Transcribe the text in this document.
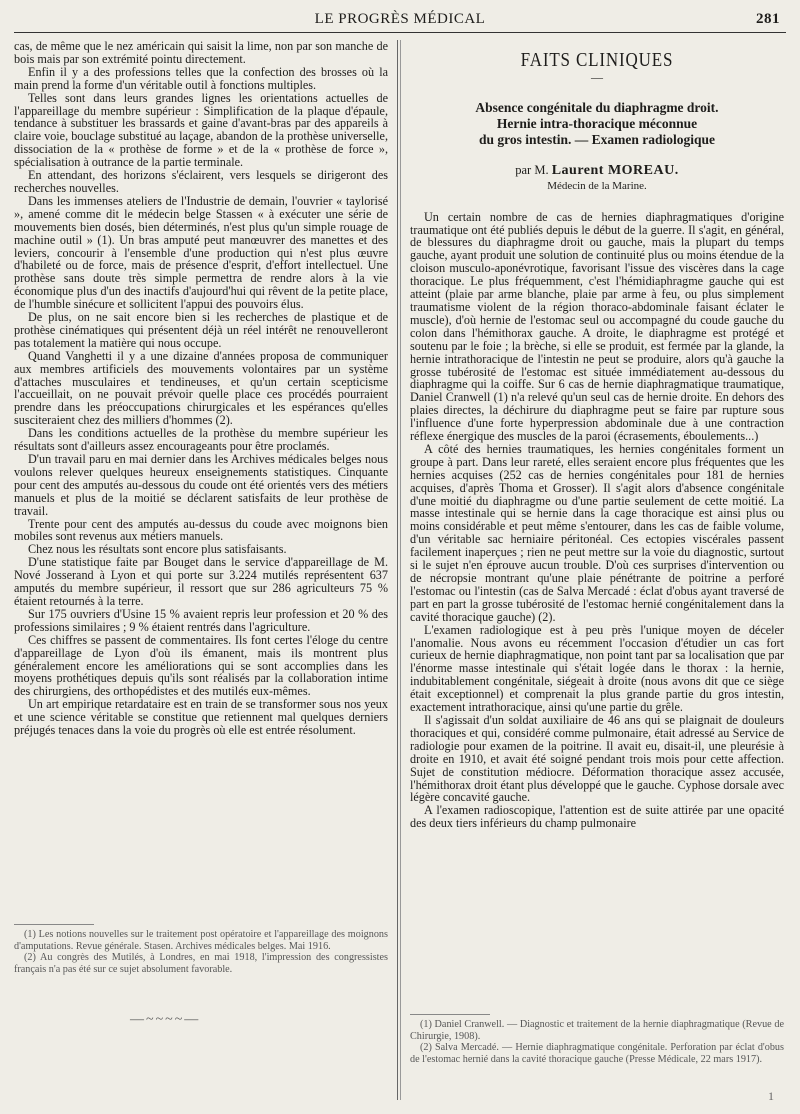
LE PROGRÈS MÉDICAL	281

cas, de même que le nez américain qui saisit la lime, non par son manche de bois mais par son extrémité pointu directement.

Enfin il y a des professions telles que la confection des brosses où la main prend la forme d'un véritable outil à fonctions multiples.

Telles sont dans leurs grandes lignes les orientations actuelles de l'appareillage du membre supérieur : Simplification de la plaque d'épaule, tendance à substituer les brassards et gaine d'avant-bras par des appareils à claire voie, bouclage substitué au laçage, abandon de la prothèse universelle, dissociation de la « prothèse de forme » et de la « prothèse de force », spécialisation à outrance de la partie terminale.

En attendant, des horizons s'éclairent, vers lesquels se dirigeront des recherches nouvelles.

Dans les immenses ateliers de l'Industrie de demain, l'ouvrier « taylorisé », amené comme dit le médecin belge Stassen « à exécuter une série de mouvements bien dosés, bien déterminés, n'est plus qu'un simple rouage de machine outil » (1). Un bras amputé peut manœuvrer des manettes et des leviers, concourir à l'ensemble d'une production qui n'est plus œuvre d'habileté ou de force, mais de présence d'esprit, d'effort intellectuel. Une prothèse sans doute très simple permettra de rendre alors à la vie économique plus d'un des inactifs d'aujourd'hui qui rêvent de la petite place, de l'humble sinécure et sollicitent l'appui des pouvoirs élus.

De plus, on ne sait encore bien si les recherches de plastique et de prothèse cinématiques qui présentent déjà un réel intérêt ne renouvelleront pas totalement la matière qui nous occupe.

Quand Vanghetti il y a une dizaine d'années proposa de communiquer aux membres artificiels des mouvements volontaires par un système d'attaches musculaires et tendineuses, et qu'un certain scepticisme l'accueillait, on ne pouvait prévoir quelle place ces procédés pourraient prendre dans les préoccupations chirurgicales et les espérances qu'elles susciteraient chez des milliers d'hommes (2).

Dans les conditions actuelles de la prothèse du membre supérieur les résultats sont d'ailleurs assez encourageants pour être proclamés.

D'un travail paru en mai dernier dans les Archives médicales belges nous voulons relever quelques heureux enseignements statistiques. Cinquante pour cent des amputés au-dessous du coude ont été orientés vers des métiers manuels et plus de la moitié se déclarent satisfaits de leur prothèse de travail.

Trente pour cent des amputés au-dessus du coude avec moignons bien mobiles sont revenus aux métiers manuels.

Chez nous les résultats sont encore plus satisfaisants.

D'une statistique faite par Bouget dans le service d'appareillage de M. Nové Josserand à Lyon et qui porte sur 3.224 mutilés représentent 637 amputés du membre supérieur, il ressort que sur 286 agriculteurs 75 % étaient retournés à la terre.

Sur 175 ouvriers d'Usine 15 % avaient repris leur profession et 20 % des professions similaires ; 9 % étaient rentrés dans l'agriculture.

Ces chiffres se passent de commentaires. Ils font certes l'éloge du centre d'appareillage de Lyon d'où ils émanent, mais ils montrent plus généralement encore les améliorations qui se sont accomplies dans les moyens prothétiques depuis qu'ils sont réalisés par la collaboration intime des chirurgiens, des orthopédistes et des mutilés eux-mêmes.

Un art empirique retardataire est en train de se transformer sous nos yeux et une science véritable se constitue que retiennent mal quelques derniers préjugés tenaces dans la voie du progrès où elle est entrée résolument.

(1) Les notions nouvelles sur le traitement post opératoire et l'appareillage des moignons d'amputations. Revue générale. Stasen. Archives médicales belges. Mai 1916.

(2) Au congrès des Mutilés, à Londres, en mai 1918, l'impression des congressistes français n'a pas été sur ce sujet absolument favorable.

—~~~~—
FAITS CLINIQUES
—
Absence congénitale du diaphragme droit.
Hernie intra-thoracique méconnue
du gros intestin. — Examen radiologique
par M. Laurent MOREAU.
Médecin de la Marine.

Un certain nombre de cas de hernies diaphragmatiques d'origine traumatique ont été publiés depuis le début de la guerre. Il s'agit, en général, de blessures du diaphragme droit ou gauche, mais la plupart du temps gauche, ayant produit une solution de continuité plus ou moins étendue de la cloison musculo-aponévrotique, favorisant l'issue des viscères dans la cage thoracique. Le plus fréquemment, c'est l'hémidiaphragme gauche qui est atteint (plaie par arme blanche, plaie par arme à feu, ou plus simplement traumatisme violent de la région thoraco-abdominale faisant éclater le muscle), d'où hernie de l'estomac seul ou accompagné du coude gauche du colon dans l'hémithorax gauche. A droite, le diaphragme est protégé et soutenu par le foie ; la brèche, si elle se produit, est fermée par la glande, la hernie intrathoracique de l'intestin ne peut se produire, alors qu'à gauche la grosse tubérosité de l'estomac est située immédiatement au-dessous du diaphragme qui la coiffe. Sur 6 cas de hernie diaphragmatique traumatique, Daniel Cranwell (1) n'a relevé qu'un seul cas de hernie droite. En dehors des plaies directes, la déchirure du diaphragme peut se faire par rupture sous l'influence d'une forte hyperpression abdominale due à une contraction réflexe énergique des muscles de la paroi (écrasements, éboulements...)

A côté des hernies traumatiques, les hernies congénitales forment un groupe à part. Dans leur rareté, elles seraient encore plus fréquentes que les hernies acquises (252 cas de hernies congénitales pour 181 de hernies acquises, d'après Thoma et Grosser). Il s'agit alors d'absence congénitale d'une moitié du diaphragme ou d'une partie seulement de cette moitié. La masse intestinale qui se hernie dans la cage thoracique est ainsi plus ou moins considérable et peut même s'entourer, dans les cas de faible volume, d'un véritable sac herniaire péritonéal. Ces ectopies viscérales passent facilement inaperçues ; rien ne peut mettre sur la voie du diagnostic, surtout si le sujet n'en éprouve aucun trouble. D'où ces surprises d'intervention ou de nécropsie montrant qu'une plaie pénétrante de poitrine a perforé l'estomac ou l'intestin (cas de Salva Mercadé : éclat d'obus ayant traversé de part en part la grosse tubérosité de l'estomac hernié congénitalement dans la cavité thoracique gauche) (2).

L'examen radiologique est à peu près l'unique moyen de déceler l'anomalie. Nous avons eu récemment l'occasion d'étudier un cas fort curieux de hernie diaphragmatique, non point tant par sa localisation que par l'énorme masse intestinale qui s'était logée dans le thorax : la hernie, indubitablement congénitale, siégeait à droite (nous avons dit que ce siège était exceptionnel) et comprenait la plus grande partie du gros intestin, exactement intrathoracique, ainsi qu'une partie du grêle.

Il s'agissait d'un soldat auxiliaire de 46 ans qui se plaignait de douleurs thoraciques et qui, considéré comme pulmonaire, était adressé au Service de radiologie pour examen de la poitrine. Il avait eu, disait-il, une pleurésie à droite en 1910, et avait été soigné pendant trois mois pour cette affection. Sujet de constitution médiocre. Déformation thoracique assez accusée, l'hémithorax droit étant plus développé que le gauche. Cyphose dorsale avec légère concavité gauche.

A l'examen radioscopique, l'attention est de suite attirée par une opacité des deux tiers inférieurs du champ pulmonaire

(1) Daniel Cranwell. — Diagnostic et traitement de la hernie diaphragmatique (Revue de Chirurgie, 1908).

(2) Salva Mercadé. — Hernie diaphragmatique congénitale. Perforation par éclat d'obus de l'estomac hernié dans la cavité thoracique gauche (Presse Médicale, 22 mars 1917).

1
